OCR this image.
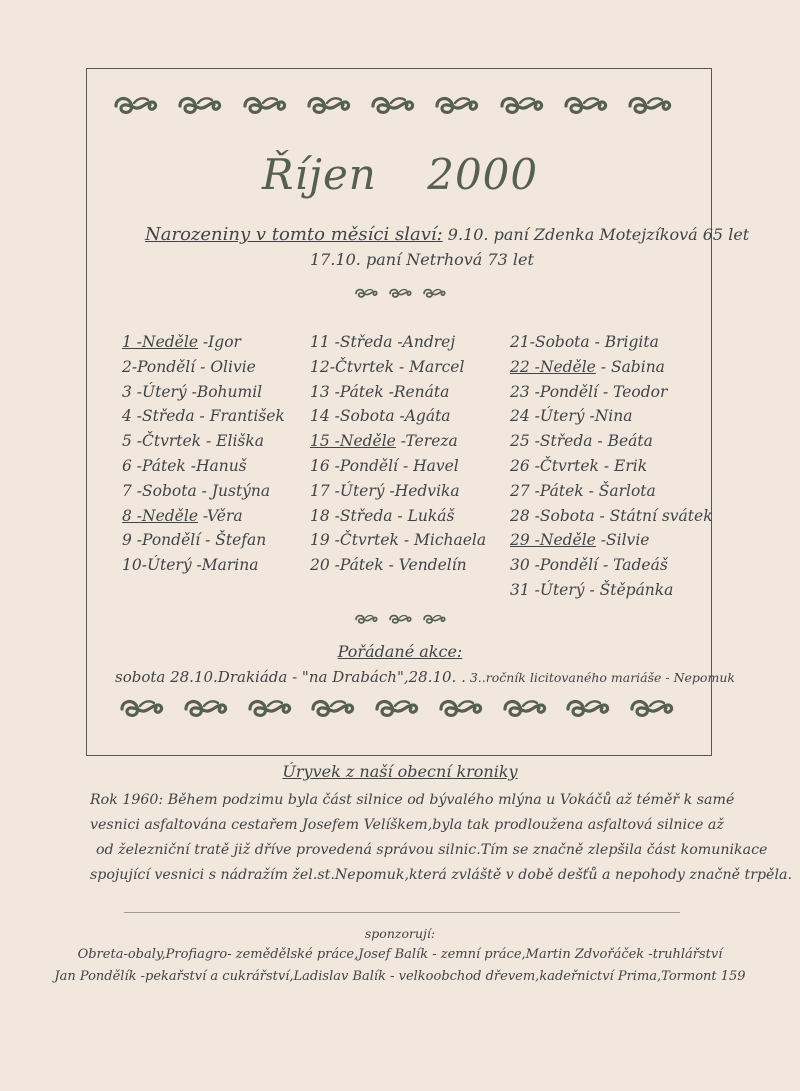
Říjen 2000
Narozeniny v tomto měsíci slaví: 9.10. paní Zdenka Motejzíková 65 let
17.10. paní Netrhová 73 let
1 -Neděle -Igor
2-Pondělí - Olivie
3 -Úterý -Bohumil
4 -Středa - František
5 -Čtvrtek - Eliška
6 -Pátek -Hanuš
7 -Sobota - Justýna
8 -Neděle -Věra
9 -Pondělí - Štefan
10-Úterý -Marina
11 -Středa -Andrej
12-Čtvrtek - Marcel
13 -Pátek -Renáta
14 -Sobota -Agáta
15 -Neděle -Tereza
16 -Pondělí - Havel
17 -Úterý -Hedvika
18 -Středa - Lukáš
19 -Čtvrtek - Michaela
20 -Pátek - Vendelín
21-Sobota - Brigita
22 -Neděle - Sabina
23 -Pondělí - Teodor
24 -Úterý -Nina
25 -Středa - Beáta
26 -Čtvrtek - Erik
27 -Pátek - Šarlota
28 -Sobota - Státní svátek
29 -Neděle -Silvie
30 -Pondělí - Tadeáš
31 -Úterý - Štěpánka
Pořádané akce:
sobota 28.10.Drakiáda - "na Drabách",28.10. . 3..ročník licitovaného mariáše - Nepomuk
Úryvek z naší obecní kroniky
Rok 1960: Během podzimu byla část silnice od bývalého mlýna u Vokáčů až téměř k samé
vesnici asfaltována cestařem Josefem Velíškem,byla tak prodloužena asfaltová silnice až
od železniční tratě již dříve provedená správou silnic.Tím se značně zlepšila část komunikace
spojující vesnici s nádražím žel.st.Nepomuk,která zvláště v době dešťů a nepohody značně trpěla.
sponzorují:
Obreta-obaly,Profiagro- zemědělské práce,Josef Balík - zemní práce,Martin Zdvořáček -truhlářství
Jan Pondělík -pekařství a cukrářství,Ladislav Balík - velkoobchod dřevem,kadeřnictví Prima,Tormont 159
